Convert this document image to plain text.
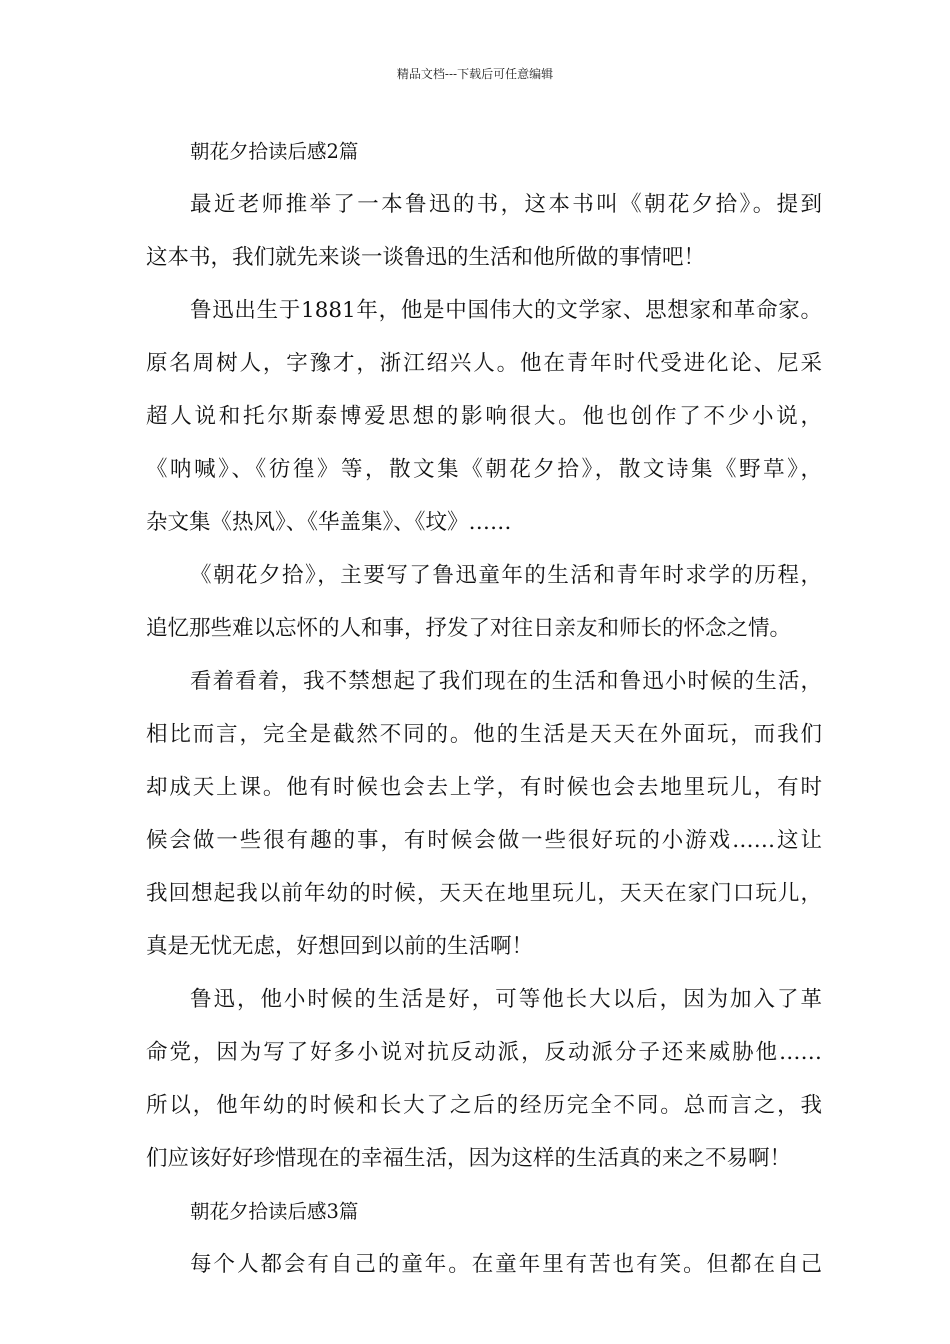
精品文档---下载后可任意编辑
朝花夕拾读后感2篇
最近老师推举了一本鲁迅的书，这本书叫《朝花夕拾》。提到
这本书，我们就先来谈一谈鲁迅的生活和他所做的事情吧！
鲁迅出生于1881年，他是中国伟大的文学家、思想家和革命家。
原名周树人，字豫才，浙江绍兴人。他在青年时代受进化论、尼采
超人说和托尔斯泰博爱思想的影响很大。他也创作了不少小说，
《呐喊》、《彷徨》等，散文集《朝花夕拾》，散文诗集《野草》，
杂文集《热风》、《华盖集》、《坟》……
《朝花夕拾》，主要写了鲁迅童年的生活和青年时求学的历程，
追忆那些难以忘怀的人和事，抒发了对往日亲友和师长的怀念之情。
看着看着，我不禁想起了我们现在的生活和鲁迅小时候的生活，
相比而言，完全是截然不同的。他的生活是天天在外面玩，而我们
却成天上课。他有时候也会去上学，有时候也会去地里玩儿，有时
候会做一些很有趣的事，有时候会做一些很好玩的小游戏……这让
我回想起我以前年幼的时候，天天在地里玩儿，天天在家门口玩儿，
真是无忧无虑，好想回到以前的生活啊！
鲁迅，他小时候的生活是好，可等他长大以后，因为加入了革
命党，因为写了好多小说对抗反动派，反动派分子还来威胁他……
所以，他年幼的时候和长大了之后的经历完全不同。总而言之，我
们应该好好珍惜现在的幸福生活，因为这样的生活真的来之不易啊！
朝花夕拾读后感3篇
每个人都会有自己的童年。在童年里有苦也有笑。但都在自己
